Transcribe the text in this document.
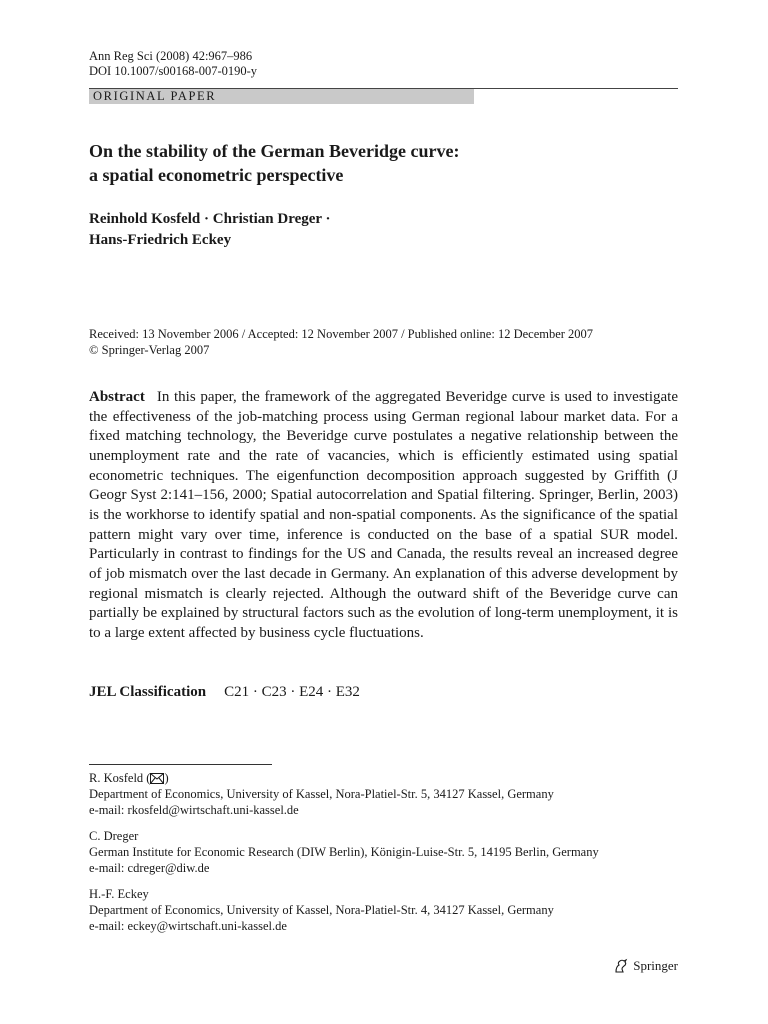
Ann Reg Sci (2008) 42:967–986
DOI 10.1007/s00168-007-0190-y
ORIGINAL PAPER
On the stability of the German Beveridge curve:
a spatial econometric perspective
Reinhold Kosfeld · Christian Dreger ·
Hans-Friedrich Eckey
Received: 13 November 2006 / Accepted: 12 November 2007 / Published online: 12 December 2007
© Springer-Verlag 2007

Abstract In this paper, the framework of the aggregated Beveridge curve is used to investigate the effectiveness of the job-matching process using German regional labour market data. For a fixed matching technology, the Beveridge curve postulates a negative relationship between the unemployment rate and the rate of vacancies, which is efficiently estimated using spatial econometric techniques. The eigenfunction decomposition approach suggested by Griffith (J Geogr Syst 2:141–156, 2000; Spatial autocorrelation and Spatial filtering. Springer, Berlin, 2003) is the workhorse to identify spatial and non-spatial components. As the significance of the spatial pattern might vary over time, inference is conducted on the base of a spatial SUR model. Particularly in contrast to findings for the US and Canada, the results reveal an increased degree of job mismatch over the last decade in Germany. An explanation of this adverse development by regional mismatch is clearly rejected. Although the outward shift of the Beveridge curve can partially be explained by structural factors such as the evolution of long-term unemployment, it is to a large extent affected by business cycle fluctuations.

JEL Classification C21 · C23 · E24 · E32
R. Kosfeld ( )
Department of Economics, University of Kassel, Nora-Platiel-Str. 5, 34127 Kassel, Germany
e-mail: rkosfeld@wirtschaft.uni-kassel.de
C. Dreger
German Institute for Economic Research (DIW Berlin), Königin-Luise-Str. 5, 14195 Berlin, Germany
e-mail: cdreger@diw.de
H.-F. Eckey
Department of Economics, University of Kassel, Nora-Platiel-Str. 4, 34127 Kassel, Germany
e-mail: eckey@wirtschaft.uni-kassel.de
Springer
